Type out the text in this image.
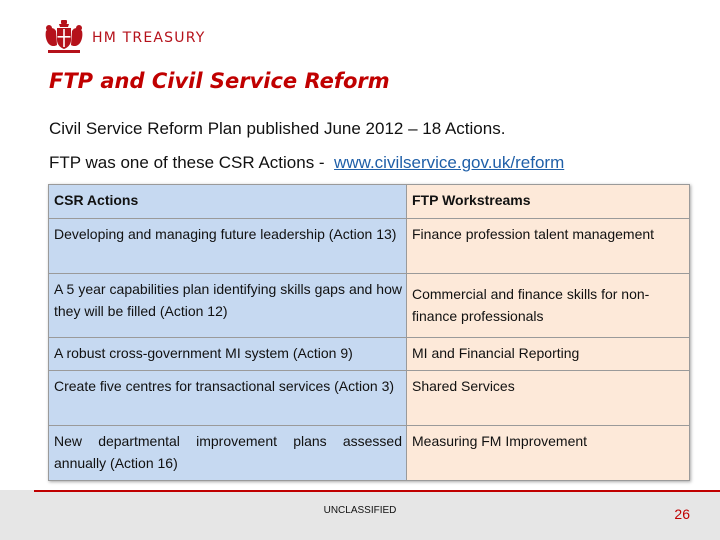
HM TREASURY
FTP and Civil Service Reform
Civil Service Reform Plan published June 2012 – 18 Actions.
FTP was one of these CSR Actions -  www.civilservice.gov.uk/reform
CSR Actions	FTP Workstreams
Developing and managing future leadership (Action 13)	Finance profession talent management
A 5 year capabilities plan identifying skills gaps and how they will be filled (Action 12)	Commercial and finance skills for non-finance professionals
A robust cross-government MI system (Action 9)	MI and Financial Reporting
Create five centres for transactional services (Action 3)	Shared Services
New departmental improvement plans assessed annually (Action 16)	Measuring FM Improvement
UNCLASSIFIED	26
